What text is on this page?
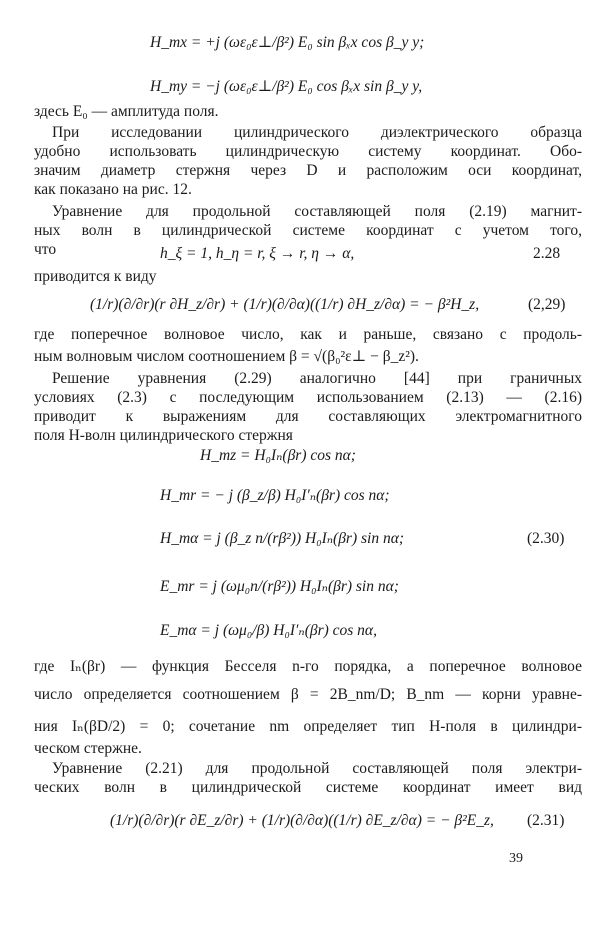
H_mx = +j (ωε₀ε⊥/β²) E₀ sin βₓx cos β_y y;
H_my = −j (ωε₀ε⊥/β²) E₀ cos βₓx sin β_y y,
здесь E₀ — амплитуда поля.
При исследовании цилиндрического диэлектрического образца
удобно использовать цилиндрическую систему координат. Обо-
значим диаметр стержня через D и расположим оси координат,
как показано на рис. 12.
Уравнение для продольной составляющей поля (2.19) магнит-
ных волн в цилиндрической системе координат с учетом того,
что	h_ξ = 1, h_η = r, ξ → r, η → α,	2.28
приводится к виду
(1/r)(∂/∂r)(r ∂H_z/∂r) + (1/r)(∂/∂α)((1/r) ∂H_z/∂α) = − β²H_z,	(2,29)
где поперечное волновое число, как и раньше, связано с продоль-
ным волновым числом соотношением β = √(β₀²ε⊥ − β_z²).
Решение уравнения (2.29) аналогично [44] при граничных
условиях (2.3) с последующим использованием (2.13) — (2.16)
приводит к выражениям для составляющих электромагнитного
поля H-волн цилиндрического стержня
H_mz = H₀Iₙ(βr) cos nα;
H_mr = − j (β_z/β) H₀I′ₙ(βr) cos nα;
H_mα = j (β_z n/(rβ²)) H₀Iₙ(βr) sin nα;	(2.30)
E_mr = j (ωμ₀n/(rβ²)) H₀Iₙ(βr) sin nα;
E_mα = j (ωμ₀/β) H₀I′ₙ(βr) cos nα,
где Iₙ(βr) — функция Бесселя n-го порядка, а поперечное волновое
число определяется соотношением β = 2B_nm/D; B_nm — корни уравне-
ния Iₙ(βD/2) = 0; сочетание nm определяет тип H-поля в цилиндри-
ческом стержне.
Уравнение (2.21) для продольной составляющей поля электри-
ческих волн в цилиндрической системе координат имеет вид
(1/r)(∂/∂r)(r ∂E_z/∂r) + (1/r)(∂/∂α)((1/r) ∂E_z/∂α) = − β²E_z, (2.31)
39
